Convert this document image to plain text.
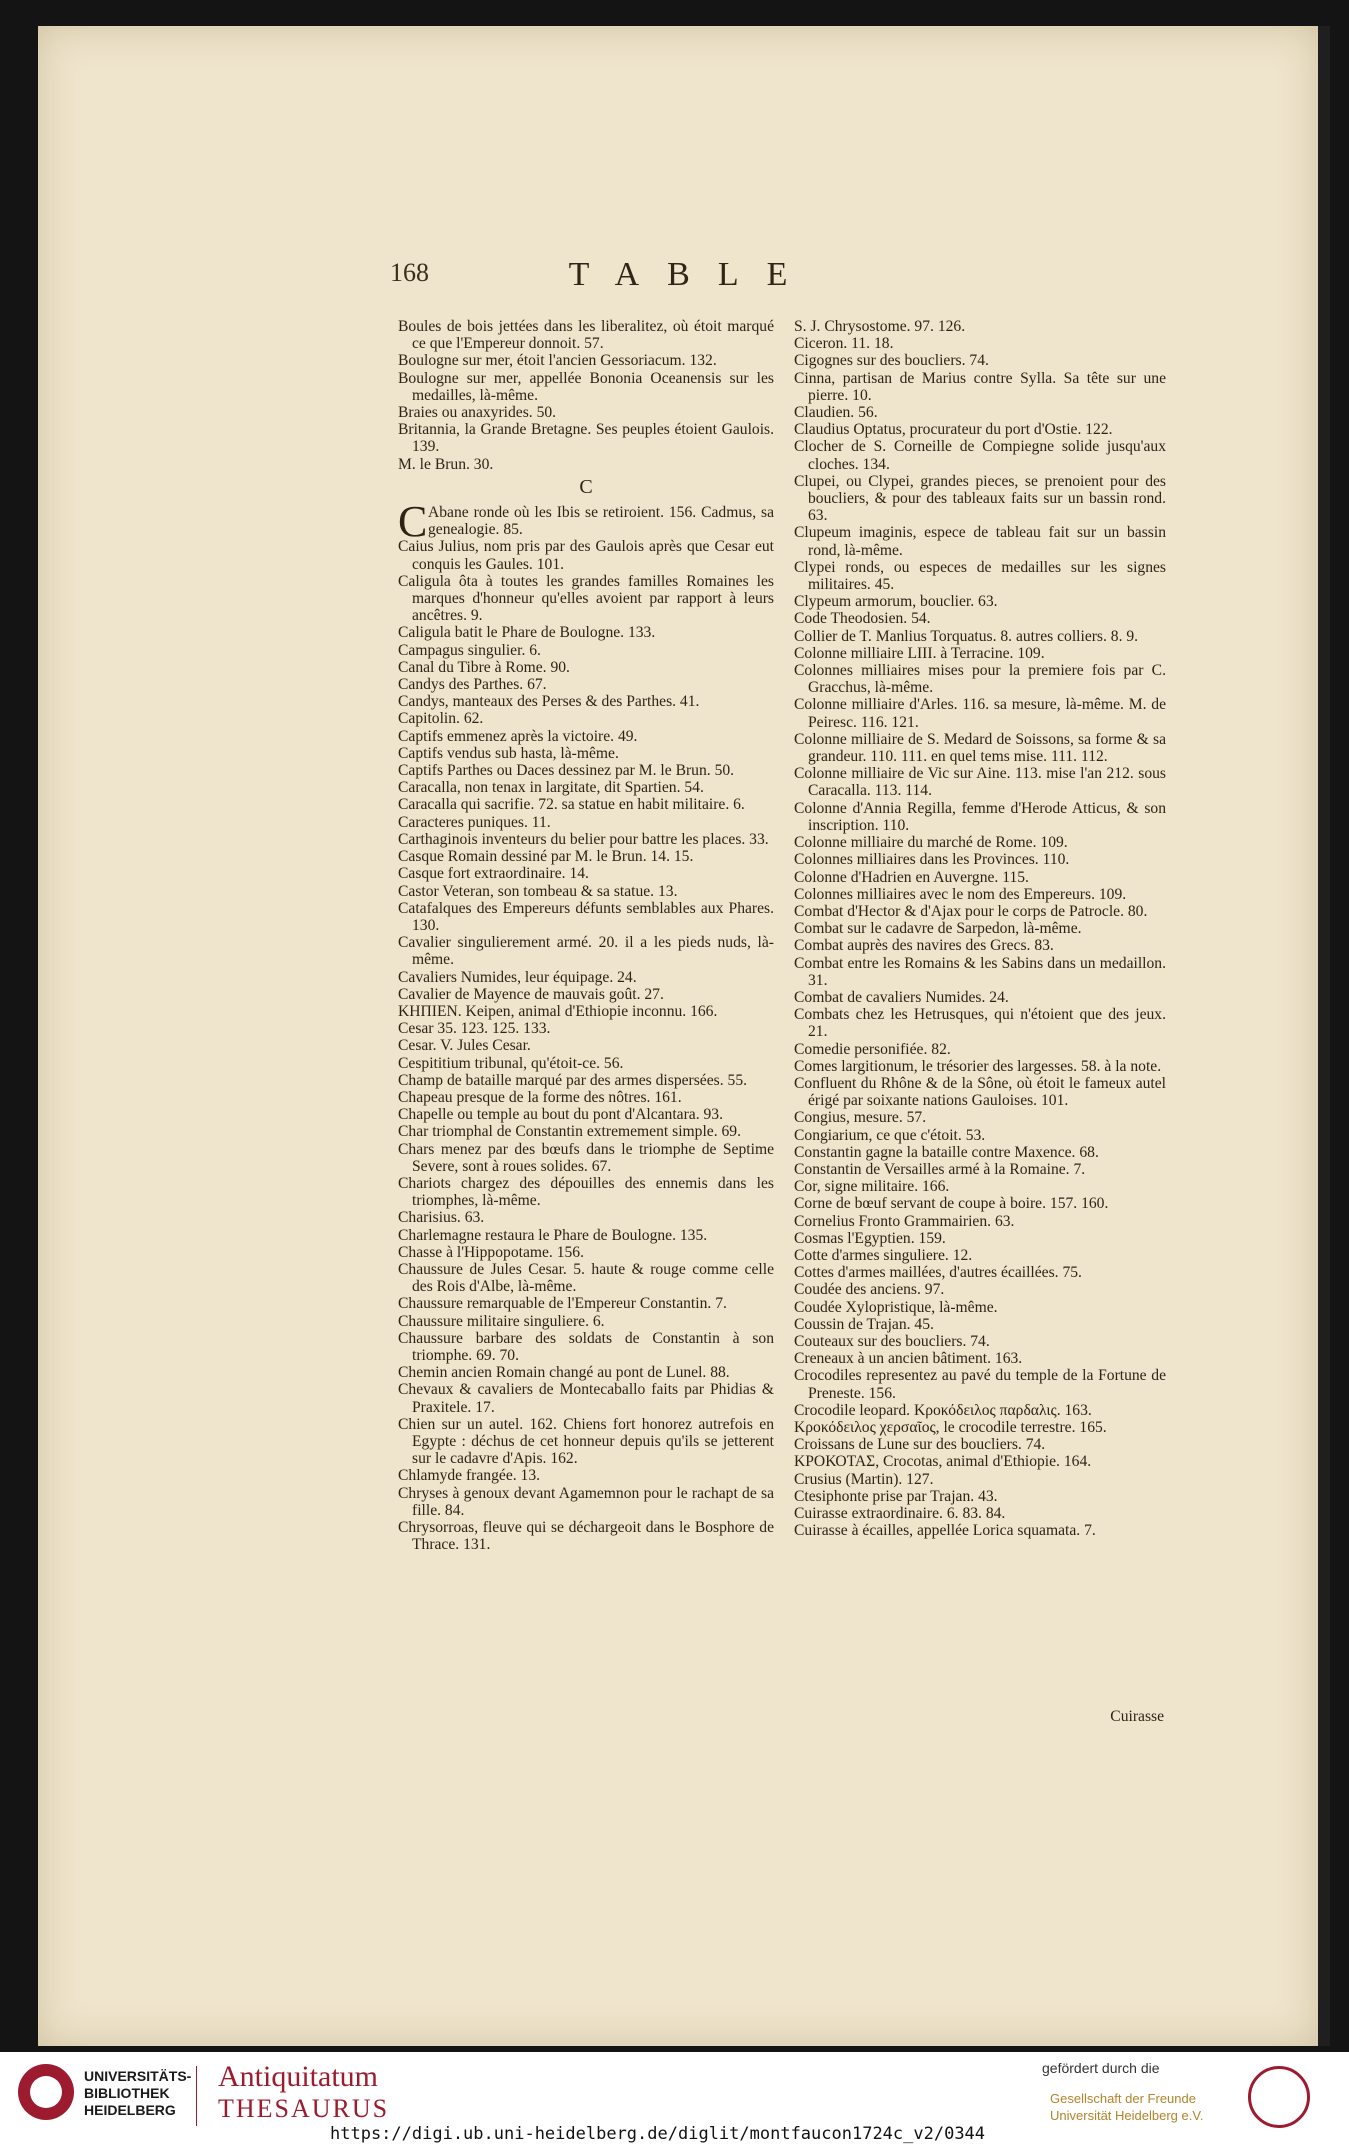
168	TABLE

Boules de bois jettées dans les liberalitez, où étoit marqué ce que l'Empereur donnoit. 57.

Boulogne sur mer, étoit l'ancien Gessoriacum. 132.

Boulogne sur mer, appellée Bononia Oceanensis sur les medailles, là-même.

Braies ou anaxyrides. 50.

Britannia, la Grande Bretagne. Ses peuples étoient Gaulois. 139.

M. le Brun. 30.

C

C Abane ronde où les Ibis se retiroient. 156. Cadmus, sa genealogie. 85.

Caius Julius, nom pris par des Gaulois après que Cesar eut conquis les Gaules. 101.

Caligula ôta à toutes les grandes familles Romaines les marques d'honneur qu'elles avoient par rapport à leurs ancêtres. 9.

Caligula batit le Phare de Boulogne. 133.

Campagus singulier. 6.

Canal du Tibre à Rome. 90.

Candys des Parthes. 67.

Candys, manteaux des Perses & des Parthes. 41.

Capitolin. 62.

Captifs emmenez après la victoire. 49.

Captifs vendus sub hasta, là-même.

Captifs Parthes ou Daces dessinez par M. le Brun. 50.

Caracalla, non tenax in largitate, dit Spartien. 54.

Caracalla qui sacrifie. 72. sa statue en habit militaire. 6.

Caracteres puniques. 11.

Carthaginois inventeurs du belier pour battre les places. 33.

Casque Romain dessiné par M. le Brun. 14. 15.

Casque fort extraordinaire. 14.

Castor Veteran, son tombeau & sa statue. 13.

Catafalques des Empereurs défunts semblables aux Phares. 130.

Cavalier singulierement armé. 20. il a les pieds nuds, là-même.

Cavaliers Numides, leur équipage. 24.

Cavalier de Mayence de mauvais goût. 27.

ΚΗΠΙΕΝ. Keipen, animal d'Ethiopie inconnu. 166.

Cesar 35. 123. 125. 133.

Cesar. V. Jules Cesar.

Cespititium tribunal, qu'étoit-ce. 56.

Champ de bataille marqué par des armes dispersées. 55.

Chapeau presque de la forme des nôtres. 161.

Chapelle ou temple au bout du pont d'Alcantara. 93.

Char triomphal de Constantin extremement simple. 69.

Chars menez par des bœufs dans le triomphe de Septime Severe, sont à roues solides. 67.

Chariots chargez des dépouilles des ennemis dans les triomphes, là-même.

Charisius. 63.

Charlemagne restaura le Phare de Boulogne. 135.

Chasse à l'Hippopotame. 156.

Chaussure de Jules Cesar. 5. haute & rouge comme celle des Rois d'Albe, là-même.

Chaussure remarquable de l'Empereur Constantin. 7.

Chaussure militaire singuliere. 6.

Chaussure barbare des soldats de Constantin à son triomphe. 69. 70.

Chemin ancien Romain changé au pont de Lunel. 88.

Chevaux & cavaliers de Montecaballo faits par Phidias & Praxitele. 17.

Chien sur un autel. 162. Chiens fort honorez autrefois en Egypte : déchus de cet honneur depuis qu'ils se jetterent sur le cadavre d'Apis. 162.

Chlamyde frangée. 13.

Chryses à genoux devant Agamemnon pour le rachapt de sa fille. 84.

Chrysorroas, fleuve qui se déchargeoit dans le Bosphore de Thrace. 131.

S. J. Chrysostome. 97. 126.

Ciceron. 11. 18.

Cigognes sur des boucliers. 74.

Cinna, partisan de Marius contre Sylla. Sa tête sur une pierre. 10.

Claudien. 56.

Claudius Optatus, procurateur du port d'Ostie. 122.

Clocher de S. Corneille de Compiegne solide jusqu'aux cloches. 134.

Clupei, ou Clypei, grandes pieces, se prenoient pour des boucliers, & pour des tableaux faits sur un bassin rond. 63.

Clupeum imaginis, espece de tableau fait sur un bassin rond, là-même.

Clypei ronds, ou especes de medailles sur les signes militaires. 45.

Clypeum armorum, bouclier. 63.

Code Theodosien. 54.

Collier de T. Manlius Torquatus. 8. autres colliers. 8. 9.

Colonne milliaire LIII. à Terracine. 109.

Colonnes milliaires mises pour la premiere fois par C. Gracchus, là-même.

Colonne milliaire d'Arles. 116. sa mesure, là-même. M. de Peiresc. 116. 121.

Colonne milliaire de S. Medard de Soissons, sa forme & sa grandeur. 110. 111. en quel tems mise. 111. 112.

Colonne milliaire de Vic sur Aine. 113. mise l'an 212. sous Caracalla. 113. 114.

Colonne d'Annia Regilla, femme d'Herode Atticus, & son inscription. 110.

Colonne milliaire du marché de Rome. 109.

Colonnes milliaires dans les Provinces. 110.

Colonne d'Hadrien en Auvergne. 115.

Colonnes milliaires avec le nom des Empereurs. 109.

Combat d'Hector & d'Ajax pour le corps de Patrocle. 80.

Combat sur le cadavre de Sarpedon, là-même.

Combat auprès des navires des Grecs. 83.

Combat entre les Romains & les Sabins dans un medaillon. 31.

Combat de cavaliers Numides. 24.

Combats chez les Hetrusques, qui n'étoient que des jeux. 21.

Comedie personifiée. 82.

Comes largitionum, le trésorier des largesses. 58. à la note.

Confluent du Rhône & de la Sône, où étoit le fameux autel érigé par soixante nations Gauloises. 101.

Congius, mesure. 57.

Congiarium, ce que c'étoit. 53.

Constantin gagne la bataille contre Maxence. 68.

Constantin de Versailles armé à la Romaine. 7.

Cor, signe militaire. 166.

Corne de bœuf servant de coupe à boire. 157. 160.

Cornelius Fronto Grammairien. 63.

Cosmas l'Egyptien. 159.

Cotte d'armes singuliere. 12.

Cottes d'armes maillées, d'autres écaillées. 75.

Coudée des anciens. 97.

Coudée Xylopristique, là-même.

Coussin de Trajan. 45.

Couteaux sur des boucliers. 74.

Creneaux à un ancien bâtiment. 163.

Crocodiles representez au pavé du temple de la Fortune de Preneste. 156.

Crocodile leopard. Κροκόδειλος παρδαλις. 163.

Κροκόδειλος χερσαῖος, le crocodile terrestre. 165.

Croissans de Lune sur des boucliers. 74.

ΚΡΟΚΟΤΑΣ, Crocotas, animal d'Ethiopie. 164.

Crusius (Martin). 127.

Ctesiphonte prise par Trajan. 43.

Cuirasse extraordinaire. 6. 83. 84.

Cuirasse à écailles, appellée Lorica squamata. 7.

Cuirasse
UNIVERSITÄTS-
BIBLIOTHEK
HEIDELBERG
Antiquitatum
THESAURUS
gefördert durch die
Gesellschaft der Freunde
Universität Heidelberg e.V.
https://digi.ub.uni-heidelberg.de/diglit/montfaucon1724c_v2/0344
